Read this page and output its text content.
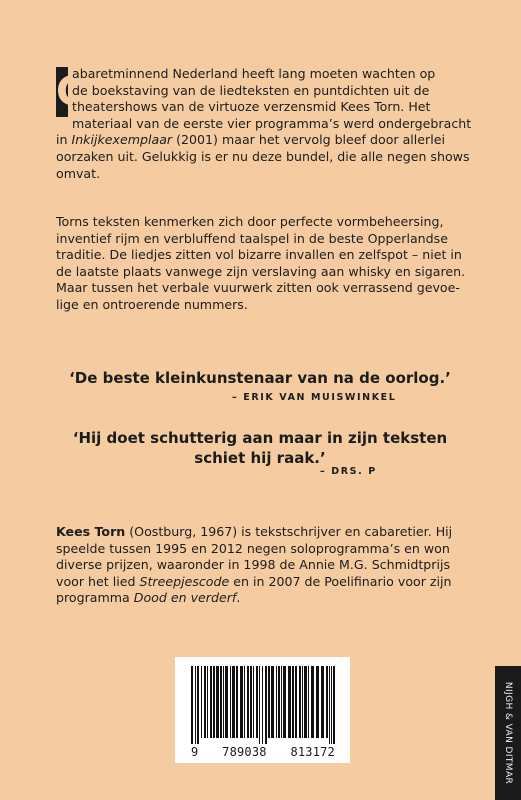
C
abaretminnend Nederland heeft lang moeten wachten op
de boekstaving van de liedteksten en puntdichten uit de
theatershows van de virtuoze verzensmid Kees Torn. Het
materiaal van de eerste vier programma’s werd ondergebracht
in Inkijkexemplaar (2001) maar het vervolg bleef door allerlei
oorzaken uit. Gelukkig is er nu deze bundel, die alle negen shows
omvat.
Torns teksten kenmerken zich door perfecte vormbeheersing,
inventief rijm en verbluffend taalspel in de beste Opperlandse
traditie. De liedjes zitten vol bizarre invallen en zelfspot – niet in
de laatste plaats vanwege zijn verslaving aan whisky en sigaren.
Maar tussen het verbale vuurwerk zitten ook verrassend gevoe-
lige en ontroerende nummers.
‘De beste kleinkunstenaar van na de oorlog.’
– ERIK VAN MUISWINKEL
‘Hij doet schutterig aan maar in zijn teksten
schiet hij raak.’
– DRS. P
Kees Torn (Oostburg, 1967) is tekstschrijver en cabaretier. Hij
speelde tussen 1995 en 2012 negen soloprogramma’s en won
diverse prijzen, waaronder in 1998 de Annie M.G. Schmidtprijs
voor het lied Streepjescode en in 2007 de Poelifinario voor zijn
programma Dood en verderf.
9 789038 813172	NIJGH & VAN DITMAR
